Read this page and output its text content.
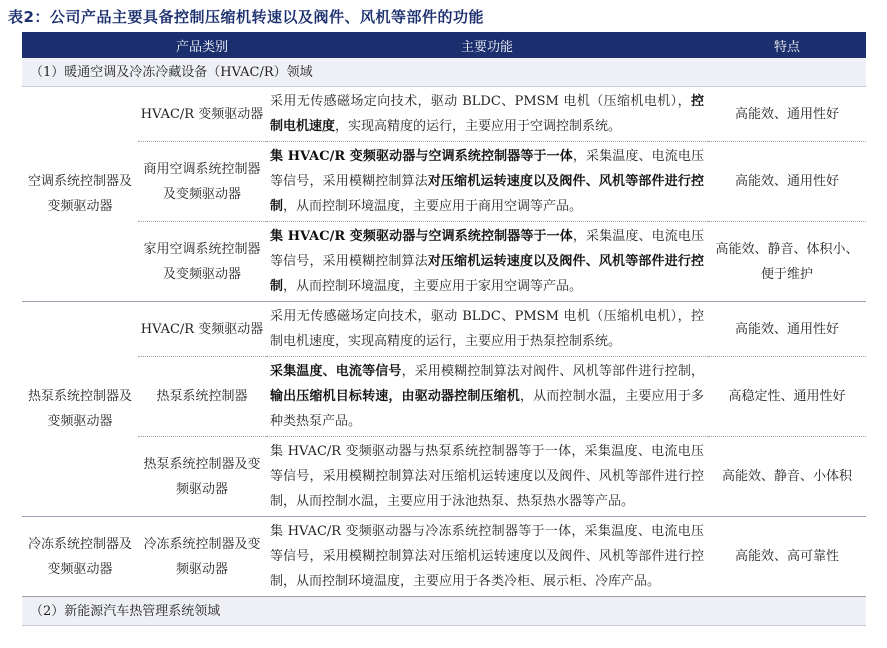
表2：公司产品主要具备控制压缩机转速以及阀件、风机等部件的功能
	产品类别	主要功能	特点
（1）暖通空调及冷冻冷藏设备（HVAC/R）领域			
空调系统控制器及变频驱动器	HVAC/R 变频驱动器	采用无传感磁场定向技术，驱动 BLDC、PMSM 电机（压缩机电机），控制电机速度，实现高精度的运行，主要应用于空调控制系统。	高能效、通用性好
	商用空调系统控制器及变频驱动器	集 HVAC/R 变频驱动器与空调系统控制器等于一体，采集温度、电流电压等信号，采用模糊控制算法对压缩机运转速度以及阀件、风机等部件进行控制，从而控制环境温度，主要应用于商用空调等产品。	高能效、通用性好
	家用空调系统控制器及变频驱动器	集 HVAC/R 变频驱动器与空调系统控制器等于一体，采集温度、电流电压等信号，采用模糊控制算法对压缩机运转速度以及阀件、风机等部件进行控制，从而控制环境温度，主要应用于家用空调等产品。	高能效、静音、体积小、便于维护
热泵系统控制器及变频驱动器	HVAC/R 变频驱动器	采用无传感磁场定向技术，驱动 BLDC、PMSM 电机（压缩机电机），控制电机速度，实现高精度的运行，主要应用于热泵控制系统。	高能效、通用性好
	热泵系统控制器	采集温度、电流等信号，采用模糊控制算法对阀件、风机等部件进行控制，输出压缩机目标转速，由驱动器控制压缩机，从而控制水温，主要应用于多种类热泵产品。	高稳定性、通用性好
	热泵系统控制器及变频驱动器	集 HVAC/R 变频驱动器与热泵系统控制器等于一体，采集温度、电流电压等信号，采用模糊控制算法对压缩机运转速度以及阀件、风机等部件进行控制，从而控制水温，主要应用于泳池热泵、热泵热水器等产品。	高能效、静音、小体积
冷冻系统控制器及变频驱动器	冷冻系统控制器及变频驱动器	集 HVAC/R 变频驱动器与冷冻系统控制器等于一体，采集温度、电流电压等信号，采用模糊控制算法对压缩机运转速度以及阀件、风机等部件进行控制，从而控制环境温度，主要应用于各类冷柜、展示柜、冷库产品。	高能效、高可靠性
（2）新能源汽车热管理系统领域			
